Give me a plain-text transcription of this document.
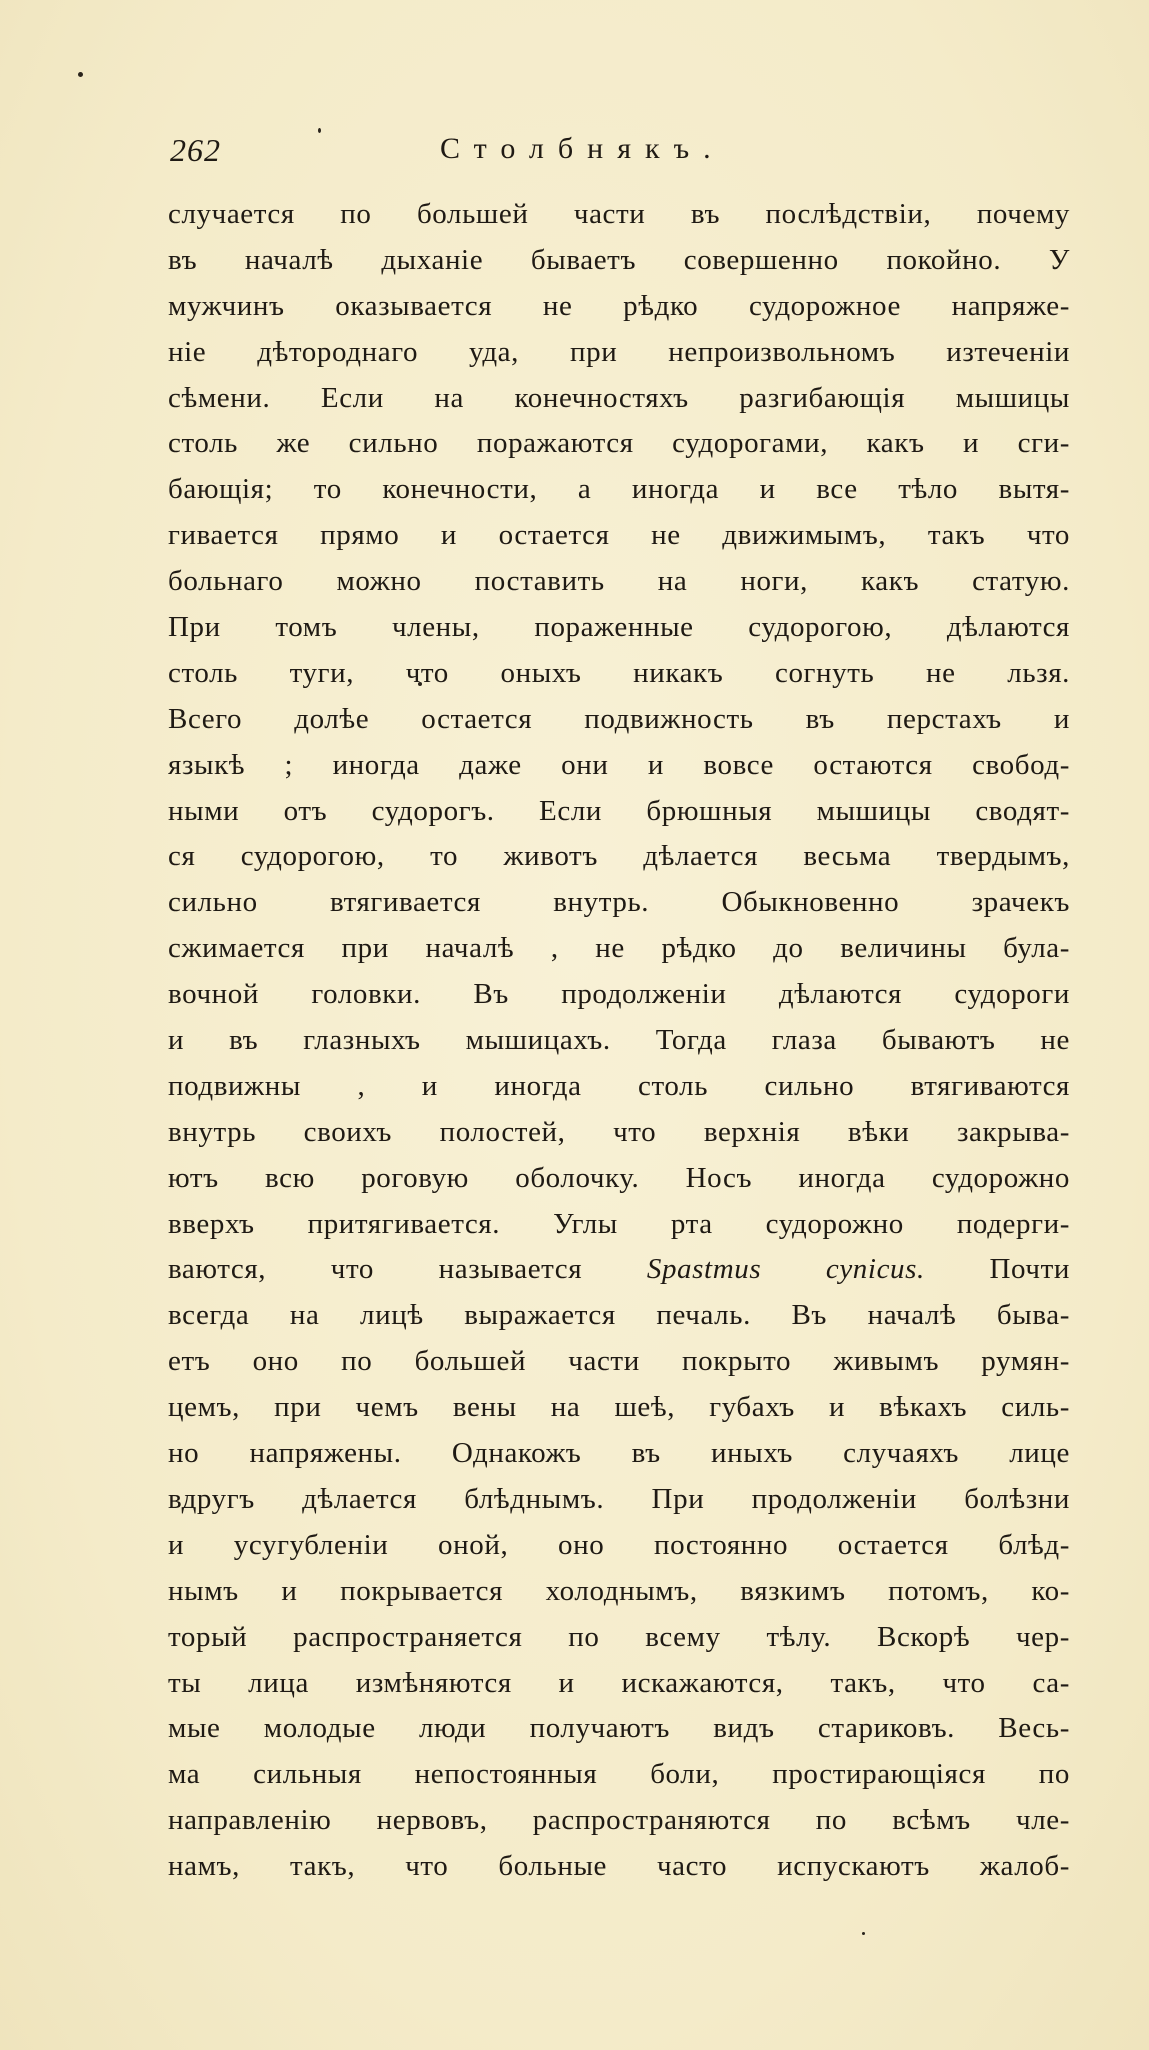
262	Столбнякъ.
случается по большей части въ послѣдствіи, почему
въ началѣ дыханіе бываетъ совершенно покойно. У
мужчинъ оказывается не рѣдко судорожное напряже-
ніе дѣтороднаго уда, при непроизвольномъ изтеченіи
сѣмени. Если на конечностяхъ разгибающія мышицы
столь же сильно поражаются судорогами, какъ и сги-
бающія; то конечности, а иногда и все тѣло вытя-
гивается прямо и остается не движимымъ, такъ что
больнаго можно поставить на ноги, какъ статую.
При томъ члены, пораженные судорогою, дѣлаются
столь туги, что оныхъ никакъ согнуть не льзя.
Всего долѣе остается подвижность въ перстахъ и
языкѣ ; иногда даже они и вовсе остаются свобод-
ными отъ судорогъ. Если брюшныя мышицы сводят-
ся судорогою, то животъ дѣлается весьма твердымъ,
сильно втягивается внутрь. Обыкновенно зрачекъ
сжимается при началѣ , не рѣдко до величины була-
вочной головки. Въ продолженіи дѣлаются судороги
и въ глазныхъ мышицахъ. Тогда глаза бываютъ не
подвижны , и иногда столь сильно втягиваются
внутрь своихъ полостей, что верхнія вѣки закрыва-
ютъ всю роговую оболочку. Носъ иногда судорожно
вверхъ притягивается. Углы рта судорожно подерги-
ваются, что называется Spastmus cynicus. Почти
всегда на лицѣ выражается печаль. Въ началѣ быва-
етъ оно по большей части покрыто живымъ румян-
цемъ, при чемъ вены на шеѣ, губахъ и вѣкахъ силь-
но напряжены. Однакожъ въ иныхъ случаяхъ лице
вдругъ дѣлается блѣднымъ. При продолженіи болѣзни
и усугубленіи оной, оно постоянно остается блѣд-
нымъ и покрывается холоднымъ, вязкимъ потомъ, ко-
торый распространяется по всему тѣлу. Вскорѣ чер-
ты лица измѣняются и искажаются, такъ, что са-
мые молодые люди получаютъ видъ стариковъ. Весь-
ма сильныя непостоянныя боли, простирающіяся по
направленію нервовъ, распространяются по всѣмъ чле-
намъ, такъ, что больные часто испускаютъ жалоб-
